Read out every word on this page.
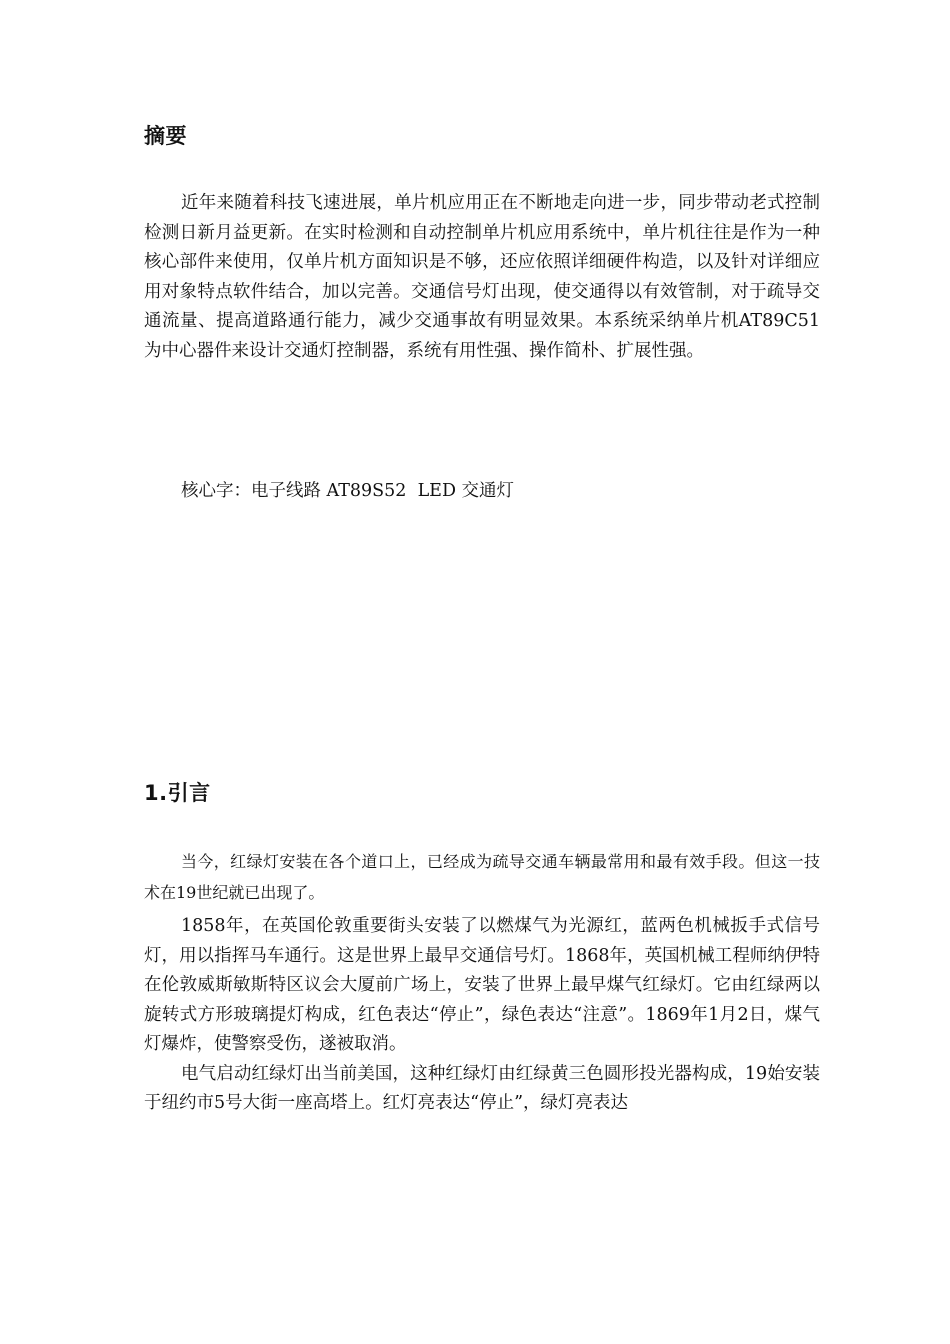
摘要

近年来随着科技飞速进展，单片机应用正在不断地走向进一步，同步带动老式控制检测日新月益更新。在实时检测和自动控制单片机应用系统中，单片机往往是作为一种核心部件来使用，仅单片机方面知识是不够，还应依照详细硬件构造，以及针对详细应用对象特点软件结合，加以完善。交通信号灯出现，使交通得以有效管制，对于疏导交通流量、提高道路通行能力，减少交通事故有明显效果。本系统采纳单片机AT89C51为中心器件来设计交通灯控制器，系统有用性强、操作简朴、扩展性强。

核心字：电子线路 AT89S52  LED 交通灯

1.引言

当今，红绿灯安装在各个道口上，已经成为疏导交通车辆最常用和最有效手段。但这一技术在19世纪就已出现了。

1858年，在英国伦敦重要街头安装了以燃煤气为光源红，蓝两色机械扳手式信号灯，用以指挥马车通行。这是世界上最早交通信号灯。1868年，英国机械工程师纳伊特在伦敦威斯敏斯特区议会大厦前广场上，安装了世界上最早煤气红绿灯。它由红绿两以旋转式方形玻璃提灯构成，红色表达“停止”，绿色表达“注意”。1869年1月2日，煤气灯爆炸，使警察受伤，遂被取消。

电气启动红绿灯出当前美国，这种红绿灯由红绿黄三色圆形投光器构成，19始安装于纽约市5号大街一座高塔上。红灯亮表达“停止”，绿灯亮表达
